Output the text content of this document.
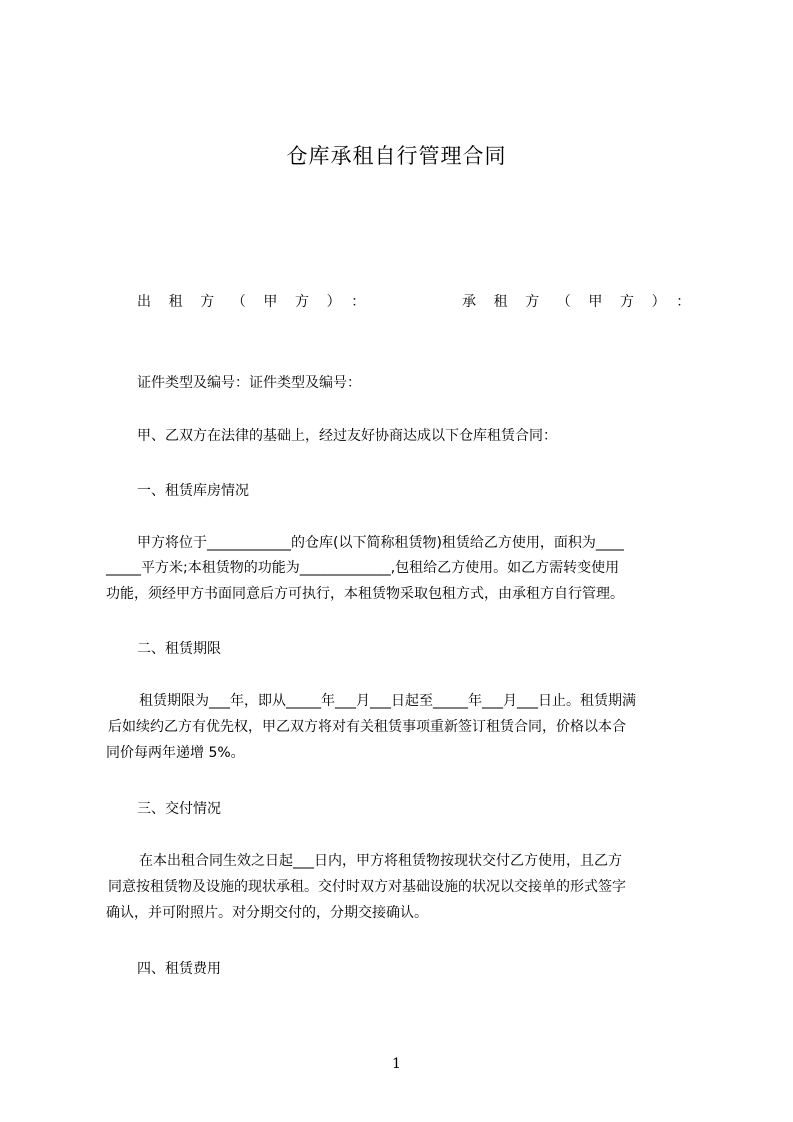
仓库承租自行管理合同
出租方（甲方）：	承租方（甲方）：
证件类型及编号：证件类型及编号：
甲、乙双方在法律的基础上，经过友好协商达成以下仓库租赁合同：
一、租赁库房情况
甲方将位于____________的仓库(以下简称租赁物)租赁给乙方使用，面积为____
_____平方米;本租赁物的功能为_____________,包租给乙方使用。如乙方需转变使用
功能，须经甲方书面同意后方可执行，本租赁物采取包租方式，由承租方自行管理。
二、租赁期限
租赁期限为___年，即从_____年___月___日起至_____年___月___日止。租赁期满
后如续约乙方有优先权，甲乙双方将对有关租赁事项重新签订租赁合同，价格以本合
同价每两年递增 5%。
三、交付情况
在本出租合同生效之日起___日内，甲方将租赁物按现状交付乙方使用，且乙方
同意按租赁物及设施的现状承租。交付时双方对基础设施的状况以交接单的形式签字
确认，并可附照片。对分期交付的，分期交接确认。
四、租赁费用
1
